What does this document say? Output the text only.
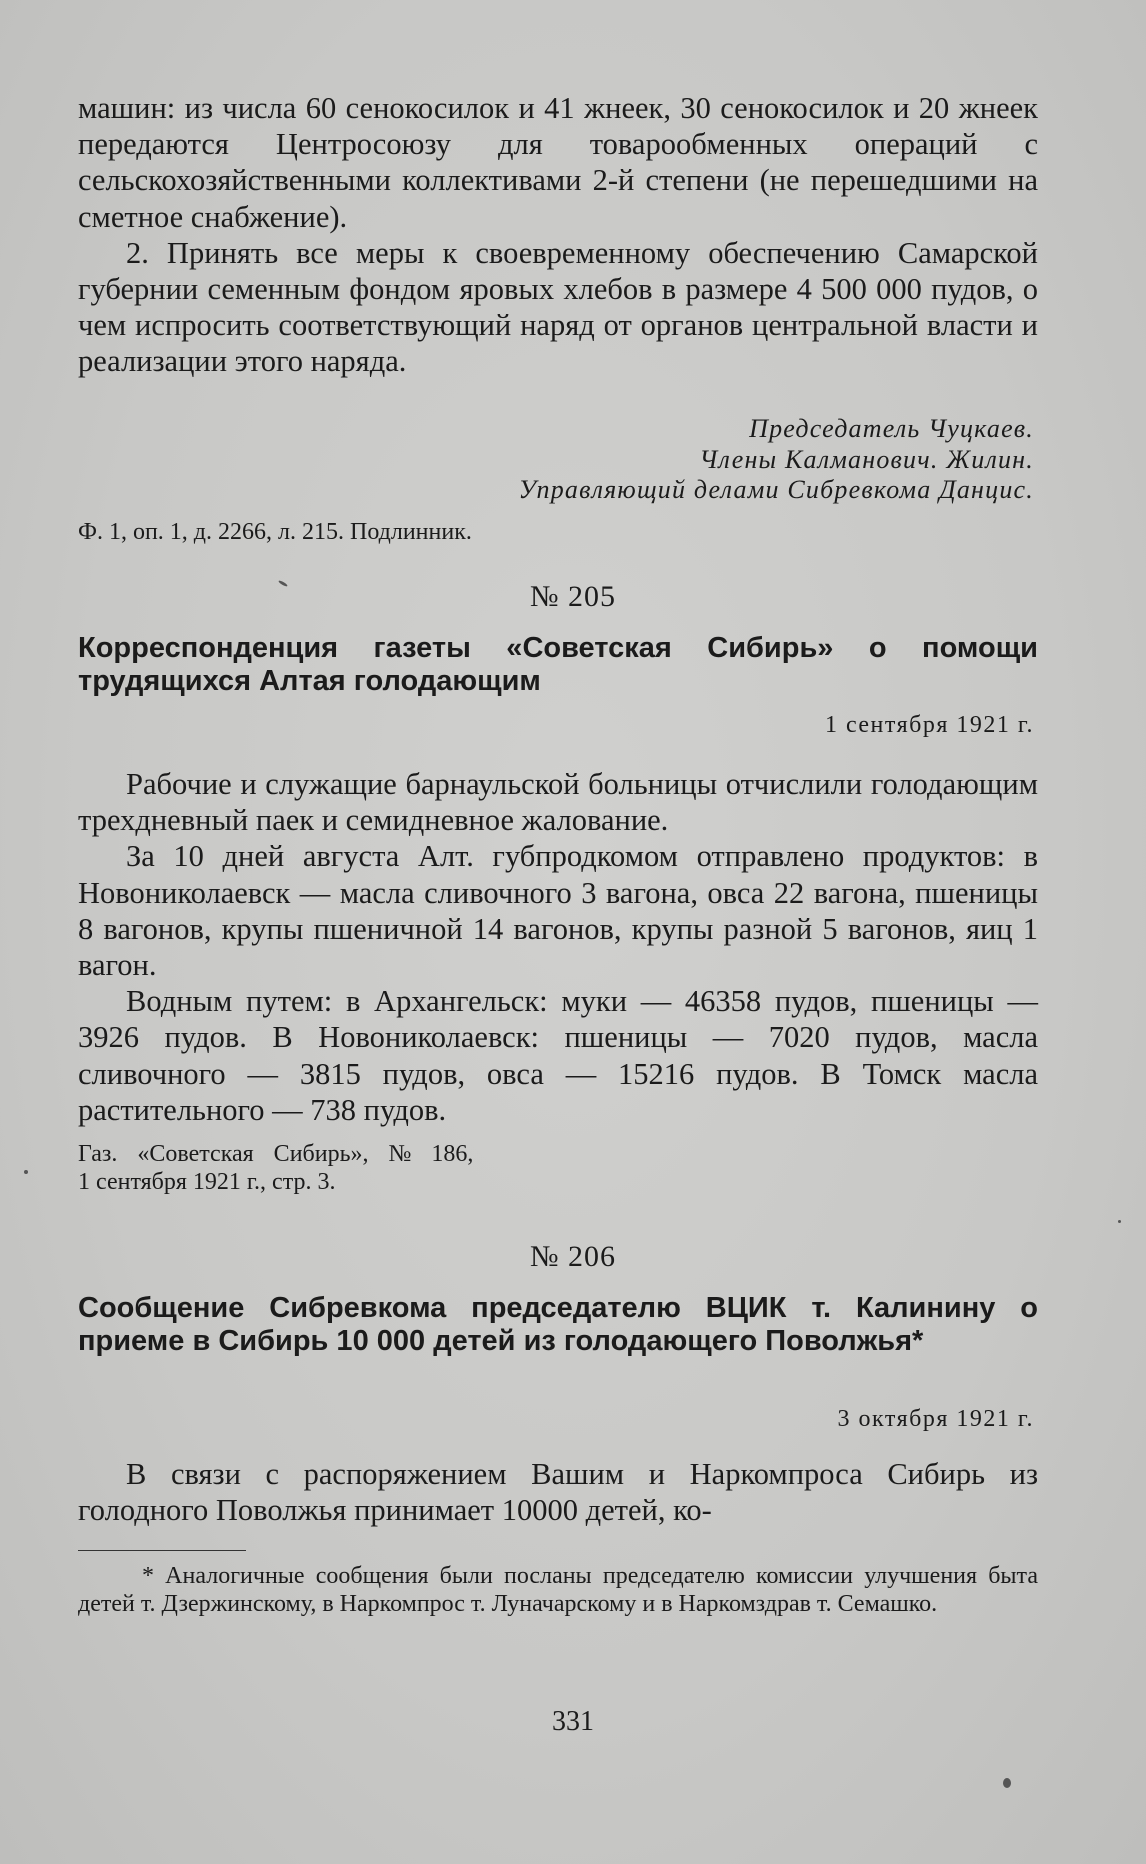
машин: из числа 60 сенокосилок и 41 жнеек, 30 сенокосилок и 20 жнеек передаются Центросоюзу для товарообменных операций с сельскохозяйственными коллективами 2-й степени (не перешедшими на сметное снабжение).

2. Принять все меры к своевременному обеспечению Самарской губернии семенным фондом яровых хлебов в размере 4 500 000 пудов, о чем испросить соответствующий наряд от органов центральной власти и реализации этого наряда.

Председатель Чуцкаев.
Члены Калманович. Жилин.
Управляющий делами Сибревкома Данцис.

Ф. 1, оп. 1, д. 2266, л. 215. Подлинник.

№ 205

Корреспонденция газеты «Советская Сибирь» о помощи трудящихся Алтая голодающим

1 сентября 1921 г.

Рабочие и служащие барнаульской больницы отчислили голодающим трехдневный паек и семидневное жалование.

За 10 дней августа Алт. губпродкомом отправлено продуктов: в Новониколаевск — масла сливочного 3 вагона, овса 22 вагона, пшеницы 8 вагонов, крупы пшеничной 14 вагонов, крупы разной 5 вагонов, яиц 1 вагон.

Водным путем: в Архангельск: муки — 46358 пудов, пшеницы — 3926 пудов. В Новониколаевск: пшеницы — 7020 пудов, масла сливочного — 3815 пудов, овса — 15216 пудов. В Томск масла растительного — 738 пудов.

Газ. «Советская Сибирь», № 186,

1 сентября 1921 г., стр. 3.

№ 206

Сообщение Сибревкома председателю ВЦИК т. Калинину о приеме в Сибирь 10 000 детей из голодающего Поволжья*

3 октября 1921 г.

В связи с распоряжением Вашим и Наркомпроса Сибирь из голодного Поволжья принимает 10000 детей, ко-

* Аналогичные сообщения были посланы председателю комиссии улучшения быта детей т. Дзержинскому, в Наркомпрос т. Луначарскому и в Наркомздрав т. Семашко.

331
